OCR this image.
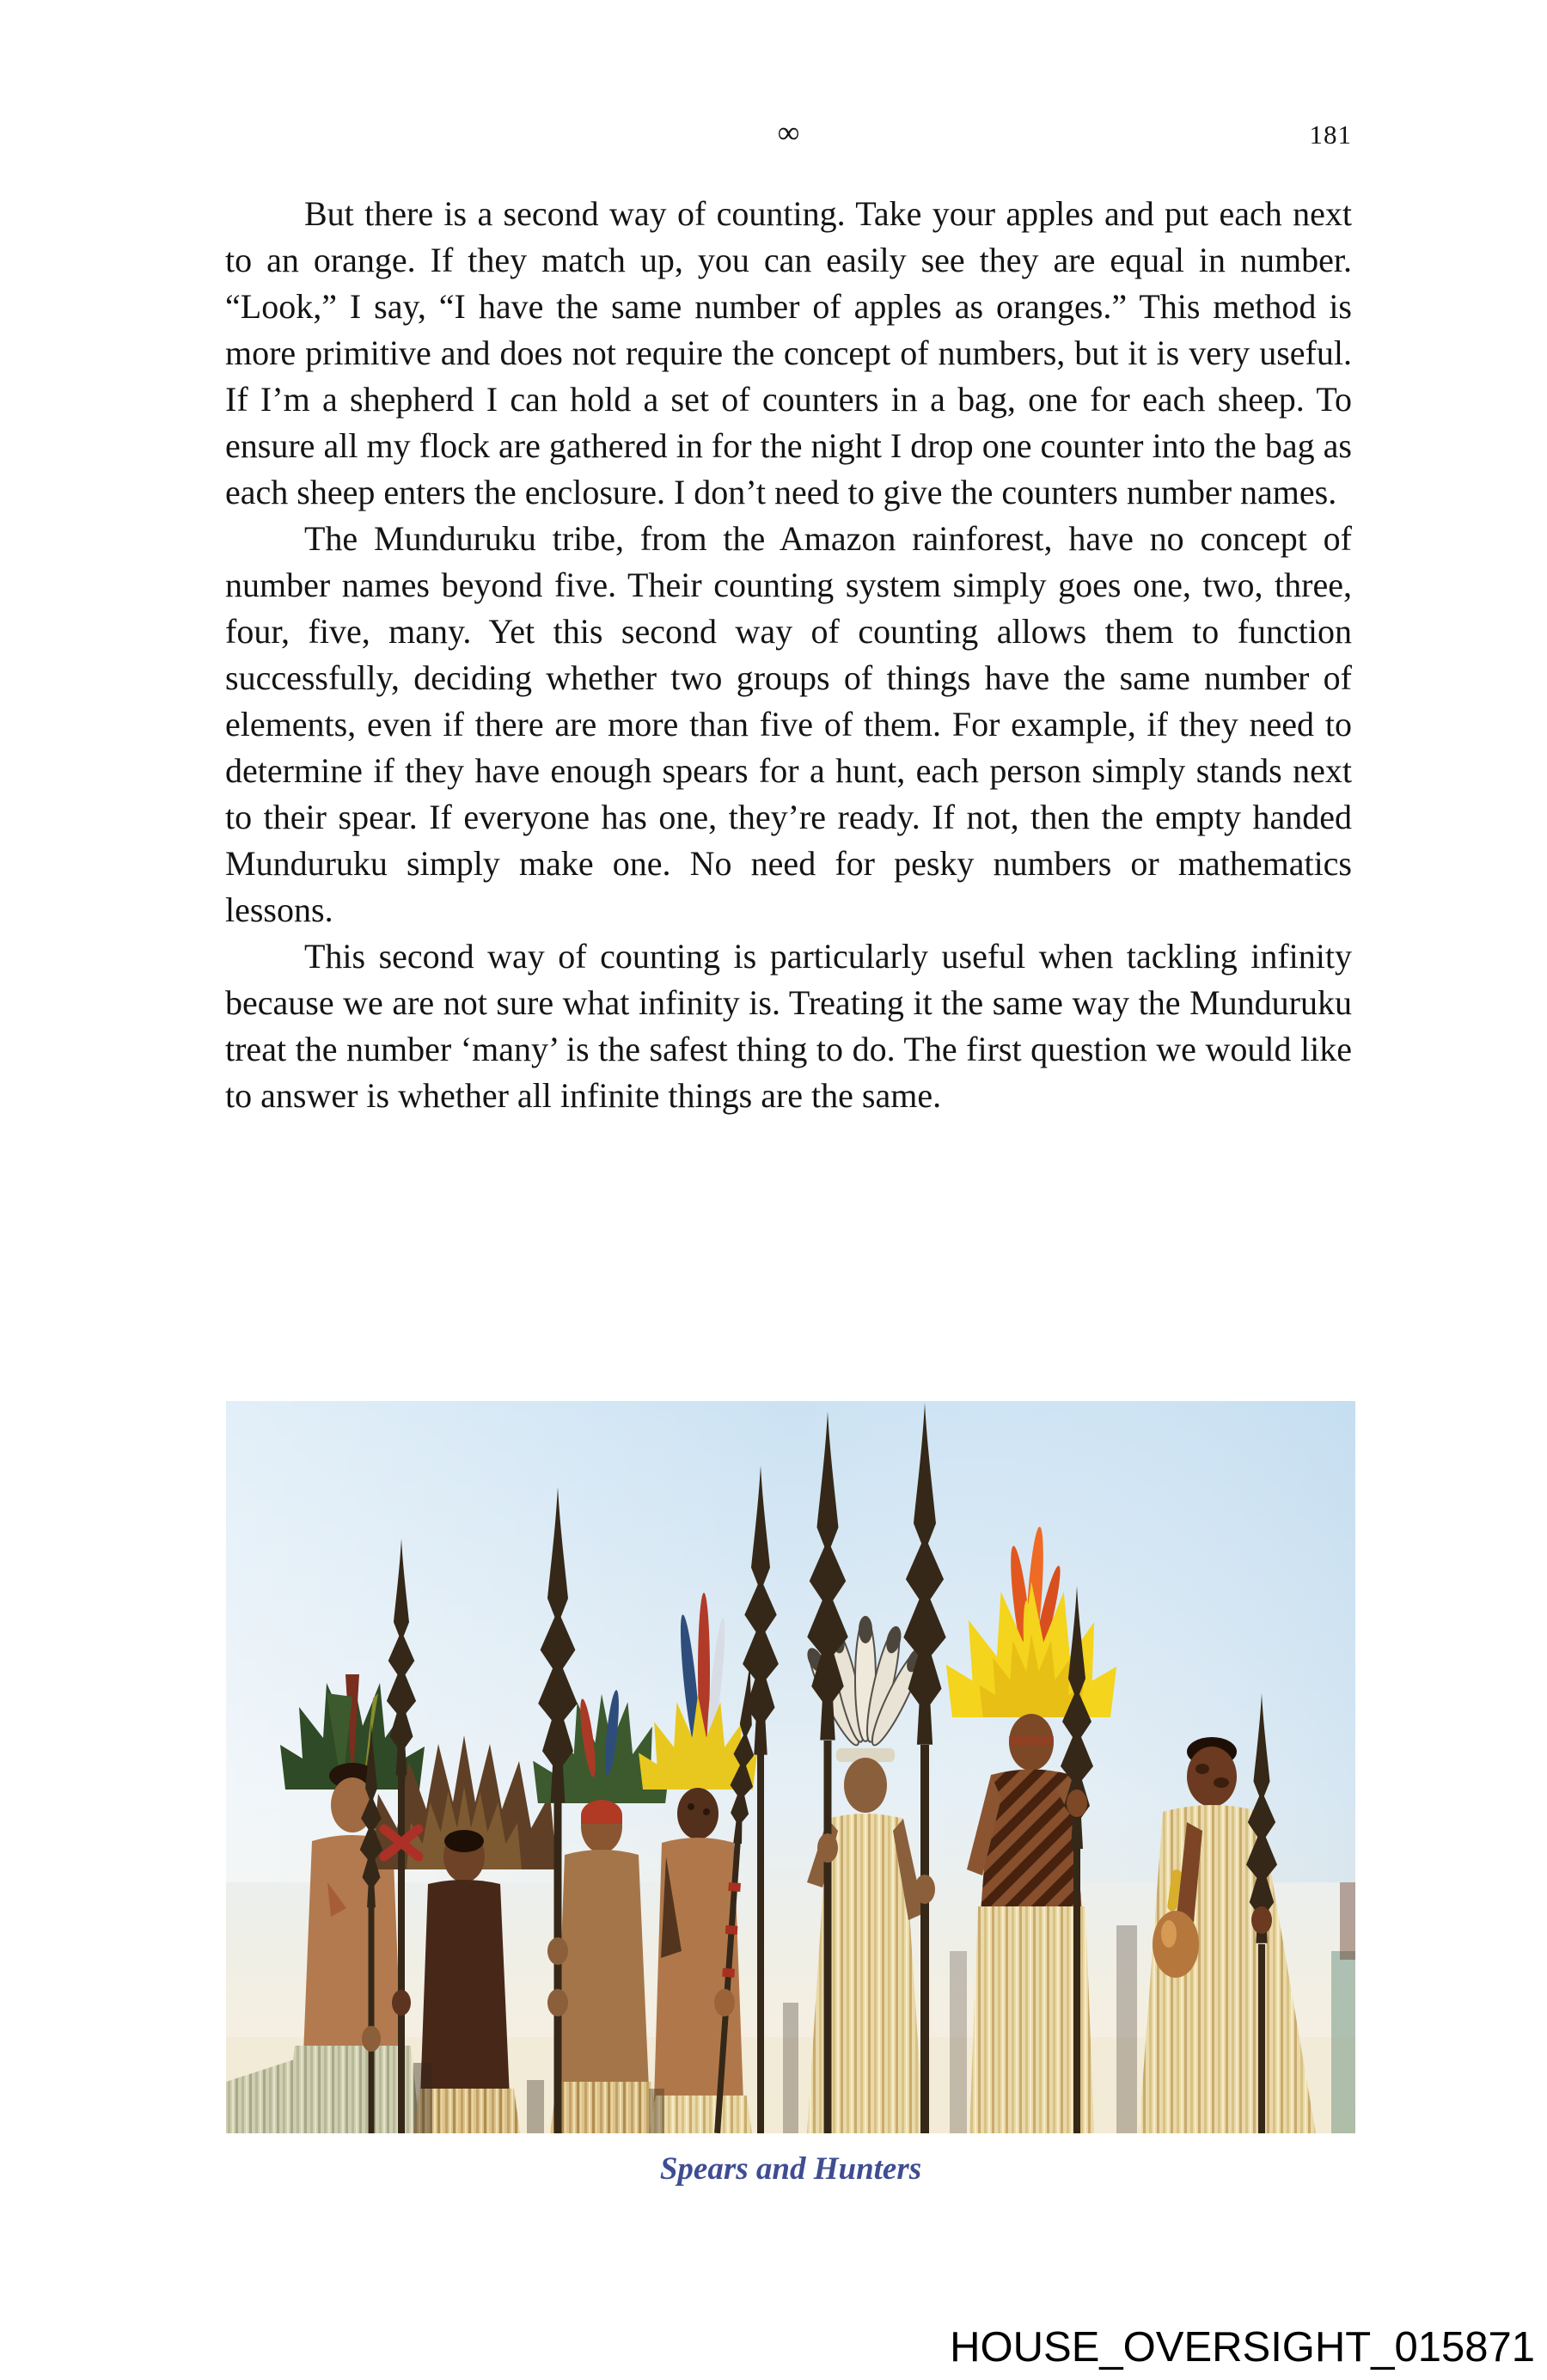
∞	181

But there is a second way of counting. Take your apples and put each next to an orange. If they match up, you can easily see they are equal in number. “Look,” I say, “I have the same number of apples as oranges.” This method is more primitive and does not require the concept of numbers, but it is very useful. If I’m a shepherd I can hold a set of counters in a bag, one for each sheep. To ensure all my flock are gathered in for the night I drop one counter into the bag as each sheep enters the enclosure. I don’t need to give the counters number names.

The Munduruku tribe, from the Amazon rainforest, have no concept of number names beyond five. Their counting system simply goes one, two, three, four, five, many. Yet this second way of counting allows them to function successfully, deciding whether two groups of things have the same number of elements, even if there are more than five of them. For example, if they need to determine if they have enough spears for a hunt, each person simply stands next to their spear. If everyone has one, they’re ready. If not, then the empty handed Munduruku simply make one. No need for pesky numbers or mathematics lessons.

This second way of counting is particularly useful when tackling infinity because we are not sure what infinity is. Treating it the same way the Munduruku treat the number ‘many’ is the safest thing to do. The first question we would like to answer is whether all infinite things are the same.

Spears and Hunters
HOUSE_OVERSIGHT_015871
